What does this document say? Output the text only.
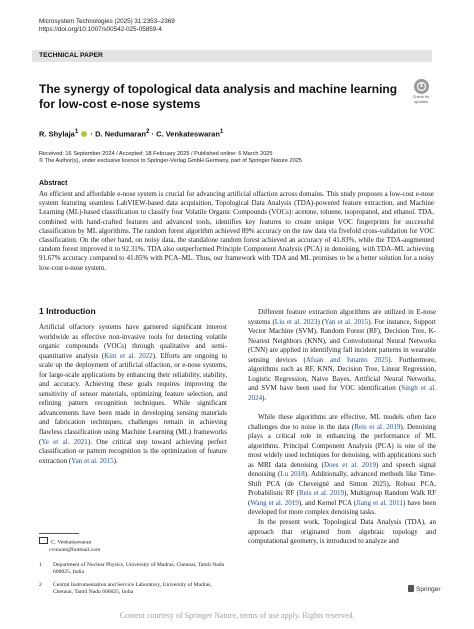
Microsystem Technologies (2025) 31:2353–2369
https://doi.org/10.1007/s00542-025-05859-4
TECHNICAL PAPER
Check for
updates
The synergy of topological data analysis and machine learning for low-cost e-nose systems
R. Shylaja$^1$  · D. Nedumaran$^2$ · C. Venkateswaran$^1$
Received: 16 September 2024 / Accepted: 18 February 2025 / Published online: 6 March 2025
© The Author(s), under exclusive licence to Springer-Verlag GmbH Germany, part of Springer Nature 2025
Abstract
An efficient and affordable e-nose system is crucial for advancing artificial olfaction across domains. This study proposes a low-cost e-nose system featuring seamless LabVIEW-based data acquisition, Topological Data Analysis (TDA)-powered feature extraction, and Machine Learning (ML)-based classification to classify four Volatile Organic Compounds (VOCs): acetone, toluene, isopropanol, and ethanol. TDA, combined with hand-crafted features and advanced tools, identifies key features to create unique VOC fingerprints for successful classification by ML algorithms. The random forest algorithm achieved 89% accuracy on the raw data via fivefold cross-validation for VOC classification. On the other hand, on noisy data, the standalone random forest achieved an accuracy of 41.83%, while the TDA-augmented random forest improved it to 92.31%. TDA also outperformed Principle Component Analysis (PCA) in denoising, with TDA–ML achieving 91.67% accuracy compared to 41.85% with PCA–ML. Thus, our framework with TDA and ML promises to be a better solution for a noisy low-cost e-nose system.
1 Introduction
Artificial olfactory systems have garnered significant interest worldwide as effective non-invasive tools for detecting volatile organic compounds (VOCs) through qualitative and semi-quantitative analysis (Kim et al. 2022). Efforts are ongoing to scale up the deployment of artificial olfaction, or e-nose systems, for large-scale applications by enhancing their reliability, stability, and accuracy. Achieving these goals requires improving the sensitivity of sensor materials, optimizing feature selection, and refining pattern recognition techniques. While significant advancements have been made in developing sensing materials and fabrication techniques, challenges remain in achieving flawless classification using Machine Learning (ML) frameworks (Ye et al. 2021). One critical step toward achieving perfect classification or pattern recognition is the optimization of feature extraction (Yan et al. 2015).
Different feature extraction algorithms are utilized in E-nose systems (Liu et al. 2023) (Yan et al. 2015). For instance, Support Vector Machine (SVM), Random Forest (RF), Decision Tree, K-Nearest Neighbors (KNN), and Convolutional Neural Networks (CNN) are applied in identifying fall incident patterns in wearable sensing devices (Afuan and Isnanto 2025). Furthermore, algorithms such as RF, KNN, Decision Tree, Linear Regression, Logistic Regression, Naive Bayes, Artificial Neural Networks, and SVM have been used for VOC identification (Singh et al. 2024).
While these algorithms are effective, ML models often face challenges due to noise in the data (Reis et al. 2019). Denoising plays a critical role in enhancing the performance of ML algorithms. Principal Component Analysis (PCA) is one of the most widely used techniques for denoising, with applications such as MRI data denoising (Does et al. 2019) and speech signal denoising (Lu 2018). Additionally, advanced methods like Time-Shift PCA (de Cheveigné and Simon 2025), Robust PCA, Probabilistic RF (Reis et al. 2019), Multigroup Random Walk RF (Wang et al. 2019), and Kernel PCA (Jiang et al. 2011) have been developed for more complex denoising tasks.
In the present work, Topological Data Analysis (TDA), an approach that originated from algebraic topology and computational geometry, is introduced to analyze and
C. Venkateswaran
cvunom@hotmail.com
1 Department of Nuclear Physics, University of Madras, Chennai, Tamil Nadu 600025, India
2 Central Instrumentation and Service Laboratory, University of Madras, Chennai, Tamil Nadu 600025, India	Springer
Content courtesy of Springer Nature, terms of use apply. Rights reserved.
